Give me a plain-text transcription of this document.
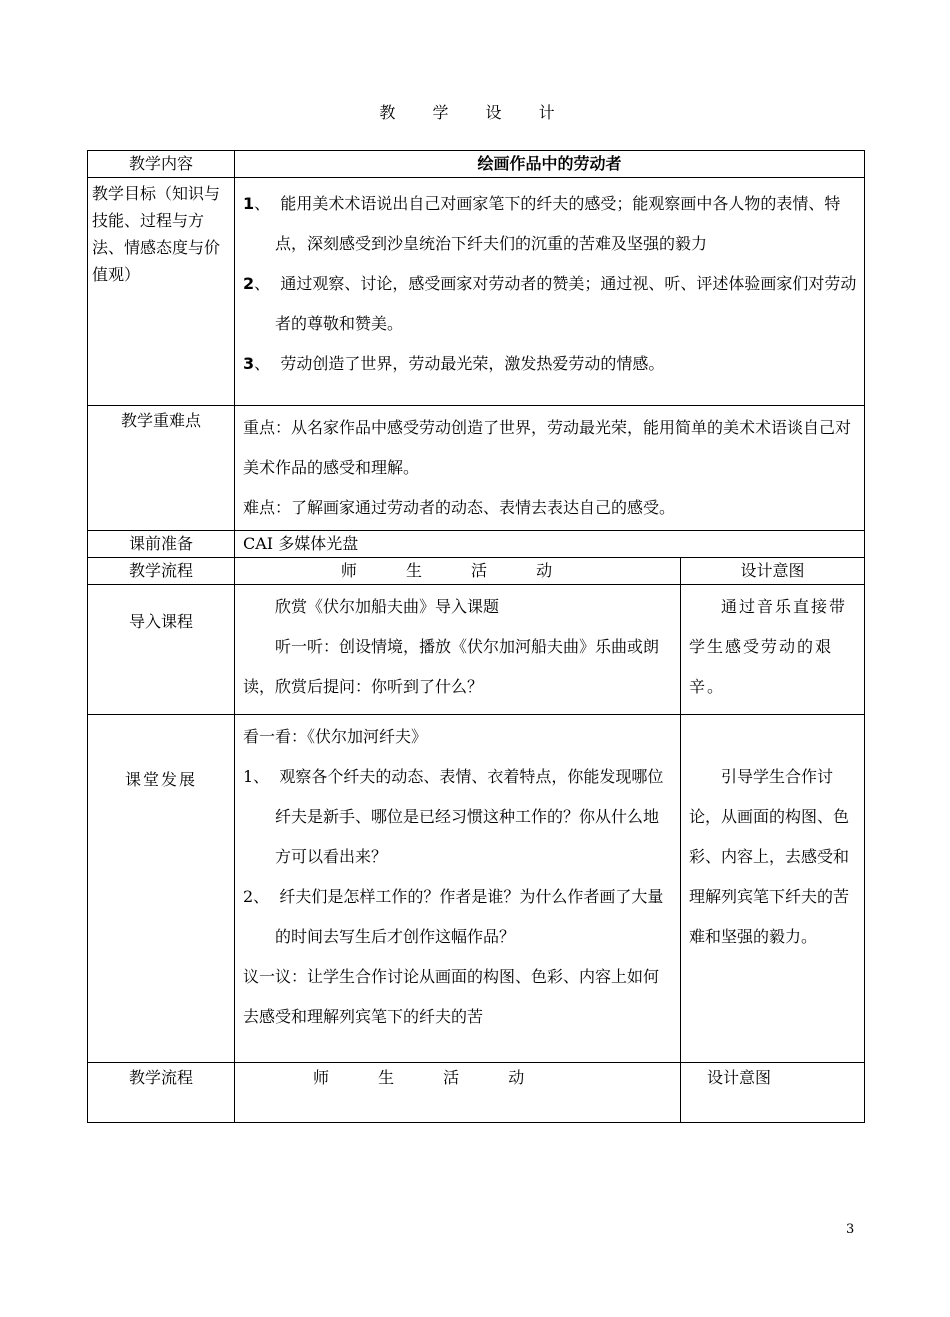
教 学 设 计
教学内容	绘画作品中的劳动者	
教学目标（知识与技能、过程与方法、情感态度与价值观）	1、 能用美术术语说出自己对画家笔下的纤夫的感受；能观察画中各人物的表情、特点，深刻感受到沙皇统治下纤夫们的沉重的苦难及坚强的毅力
2、 通过观察、讨论，感受画家对劳动者的赞美；通过视、听、评述体验画家们对劳动者的尊敬和赞美。
3、 劳动创造了世界，劳动最光荣，激发热爱劳动的情感。	

教学重难点	重点：从名家作品中感受劳动创造了世界，劳动最光荣，能用简单的美术术语谈自己对美术作品的感受和理解。
难点：了解画家通过劳动者的动态、表情去表达自己的感受。	

课前准备	CAI 多媒体光盘	
教学流程	师 生 活 动	设计意图
导入课程	欣赏《伏尔加船夫曲》导入课题
听一听：创设情境，播放《伏尔加河船夫曲》乐曲或朗读，欣赏后提问：你听到了什么？	通过音乐直接带学生感受劳动的艰辛。
课堂发展	看一看：《伏尔加河纤夫》
1、 观察各个纤夫的动态、表情、衣着特点，你能发现哪位纤夫是新手、哪位是已经习惯这种工作的？你从什么地方可以看出来？
2、 纤夫们是怎样工作的？作者是谁？为什么作者画了大量的时间去写生后才创作这幅作品？
议一议：让学生合作讨论从画面的构图、色彩、内容上如何去感受和理解列宾笔下的纤夫的苦	引导学生合作讨论，从画面的构图、色彩、内容上，去感受和理解列宾笔下纤夫的苦难和坚强的毅力。
教学流程	师 生 活 动	设计意图
3
